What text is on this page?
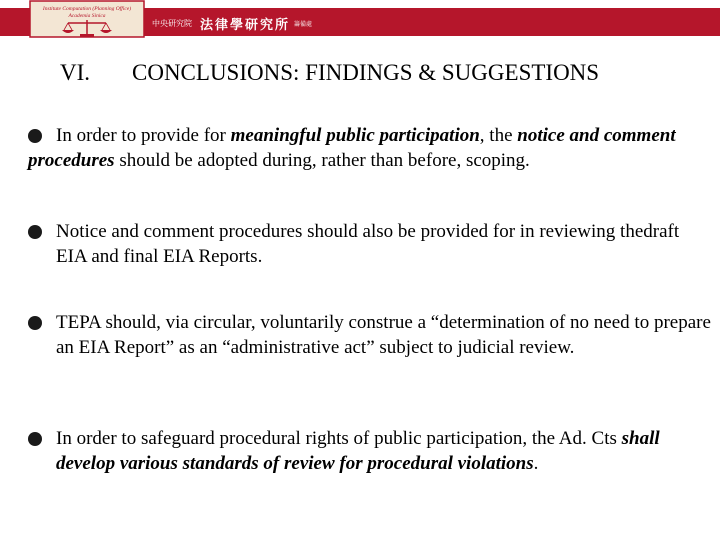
Institute Computation (Planning Office)
Academia Sinica
中央研究院 法律學研究所 籌備處
VI. CONCLUSIONS: FINDINGS & SUGGESTIONS
In order to provide for meaningful public participation, the notice and comment procedures should be adopted during, rather than before, scoping.
Notice and comment procedures should also be provided for in reviewing thedraft EIA and final EIA Reports.
TEPA should, via circular, voluntarily construe a “determination of no need to prepare an EIA Report” as an “administrative act” subject to judicial review.
In order to safeguard procedural rights of public participation, the Ad. Cts shall develop various standards of review for procedural violations.
